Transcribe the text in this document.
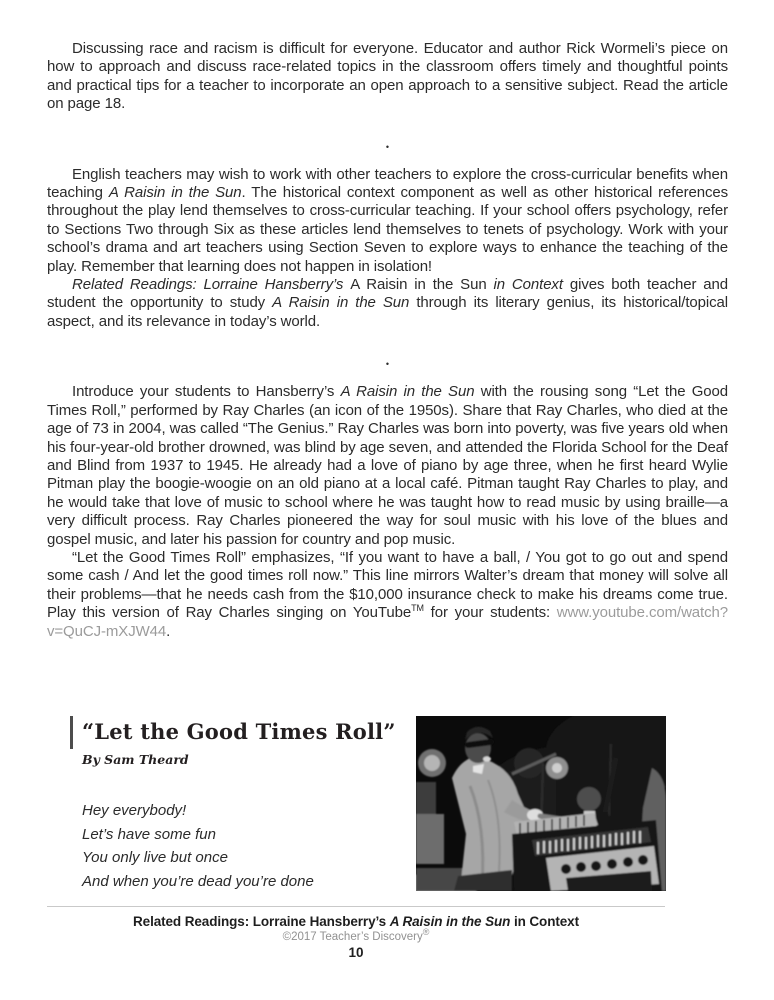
Discussing race and racism is difficult for everyone. Educator and author Rick Wormeli’s piece on how to approach and discuss race-related topics in the classroom offers timely and thoughtful points and practical tips for a teacher to incorporate an open approach to a sensitive subject. Read the article on page 18.
•
English teachers may wish to work with other teachers to explore the cross-curricular benefits when teaching A Raisin in the Sun. The historical context component as well as other historical references throughout the play lend themselves to cross-curricular teaching. If your school offers psychology, refer to Sections Two through Six as these articles lend themselves to tenets of psychology. Work with your school’s drama and art teachers using Section Seven to explore ways to enhance the teaching of the play. Remember that learning does not happen in isolation!
Related Readings: Lorraine Hansberry’s A Raisin in the Sun in Context gives both teacher and student the opportunity to study A Raisin in the Sun through its literary genius, its historical/topical aspect, and its relevance in today’s world.
•
Introduce your students to Hansberry’s A Raisin in the Sun with the rousing song “Let the Good Times Roll,” performed by Ray Charles (an icon of the 1950s). Share that Ray Charles, who died at the age of 73 in 2004, was called “The Genius.” Ray Charles was born into poverty, was five years old when his four-year-old brother drowned, was blind by age seven, and attended the Florida School for the Deaf and Blind from 1937 to 1945. He already had a love of piano by age three, when he first heard Wylie Pitman play the boogie-woogie on an old piano at a local café. Pitman taught Ray Charles to play, and he would take that love of music to school where he was taught how to read music by using braille—a very difficult process. Ray Charles pioneered the way for soul music with his love of the blues and gospel music, and later his passion for country and pop music.
“Let the Good Times Roll” emphasizes, “If you want to have a ball, / You got to go out and spend some cash / And let the good times roll now.” This line mirrors Walter’s dream that money will solve all their problems—that he needs cash from the $10,000 insurance check to make his dreams come true. Play this version of Ray Charles singing on YouTube™ for your students: www.youtube.com/watch?v=QuCJ-mXJW44.
“Let the Good Times Roll”
By Sam Theard
Hey everybody!
Let’s have some fun
You only live but once
And when you’re dead you’re done
Related Readings: Lorraine Hansberry’s A Raisin in the Sun in Context
©2017 Teacher’s Discovery®
10
